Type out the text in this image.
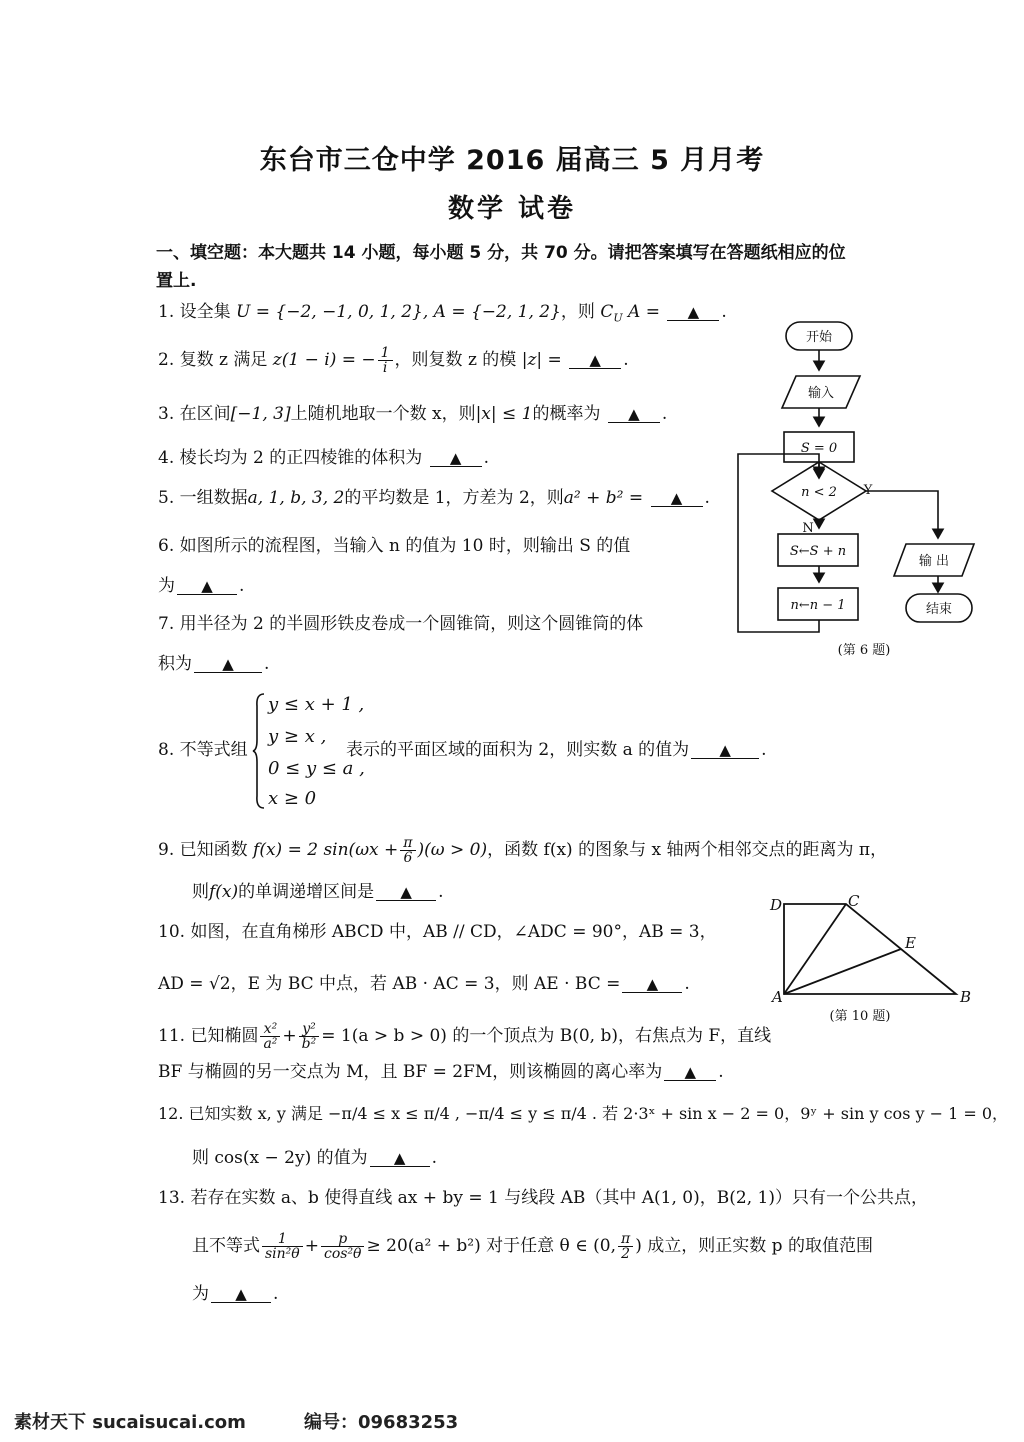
东台市三仓中学 2016 届高三 5 月月考
数学 试卷
一、填空题：本大题共 14 小题，每小题 5 分，共 70 分。请把答案填写在答题纸相应的位
置上.
1. 设全集 U = {−2, −1, 0, 1, 2}, A = {−2, 1, 2}，则 $C_U$ A = ▲ .
2. 复数 z 满足 z(1 − i) = − $\frac{1}{i}$ ，则复数 z 的模 |z| = ▲ .
3. 在区间[−1, 3]上随机地取一个数 x，则|x| ≤ 1的概率为 ▲ .
4. 棱长均为 2 的正四棱锥的体积为 ▲ .
5. 一组数据a, 1, b, 3, 2的平均数是 1，方差为 2，则a² + b² = ▲ .
6. 如图所示的流程图，当输入 n 的值为 10 时，则输出 S 的值
为 ▲ .
7. 用半径为 2 的半圆形铁皮卷成一个圆锥筒，则这个圆锥筒的体
积为 ▲ .
8. 不等式组
y ≤ x + 1 ,
y ≥ x ,
0 ≤ y ≤ a ,
x ≥ 0
表示的平面区域的面积为 2，则实数 a 的值为 ▲ .
9. 已知函数 f(x) = 2 $\sin(\omega x + \frac{\pi}{6} )(\omega > 0)$，函数 f(x) 的图象与 x 轴两个相邻交点的距离为 π，
则f(x)的单调递增区间是 ▲ .
10. 如图，在直角梯形 ABCD 中，AB // CD，∠ADC = 90°，AB = 3，
AD = √2，E 为 BC 中点，若 AB · AC = 3，则 AE · BC = ▲ .
11. 已知椭圆 $\frac{\text{x²}}{\text{a²}} + \frac{\text{y²}}{\text{b²}} = 1(a > b > 0)$ 的一个顶点为 B(0, b)，右焦点为 F，直线
BF 与椭圆的另一交点为 M，且 BF = 2FM，则该椭圆的离心率为 ▲ .
12. 已知实数 x, y 满足 −π/4 ≤ x ≤ π/4 , −π/4 ≤ y ≤ π/4 . 若 2·3ˣ + sin x − 2 = 0，9ʸ + sin y cos y − 1 = 0，
则 cos(x − 2y) 的值为 ▲ .
13. 若存在实数 a、b 使得直线 ax + by = 1 与线段 AB（其中 A(1, 0)，B(2, 1)）只有一个公共点，
且不等式 $\frac{1}{\text{sin²θ}} + \frac{p}{\text{cos²θ}} \ge 20(a^2 + b^2)$ 对于任意 θ ∈ (0, $\frac{\pi}{2}$ ) 成立，则正实数 p 的取值范围
为 ▲ .
开始
输入
S = 0
n < 2 Y
N
S←S + n
n←n − 1
输 出
结束
(第 6 题)
A	B
C
D
E
(第 10 题)
素材天下 sucaisucai.com	编号：09683253
